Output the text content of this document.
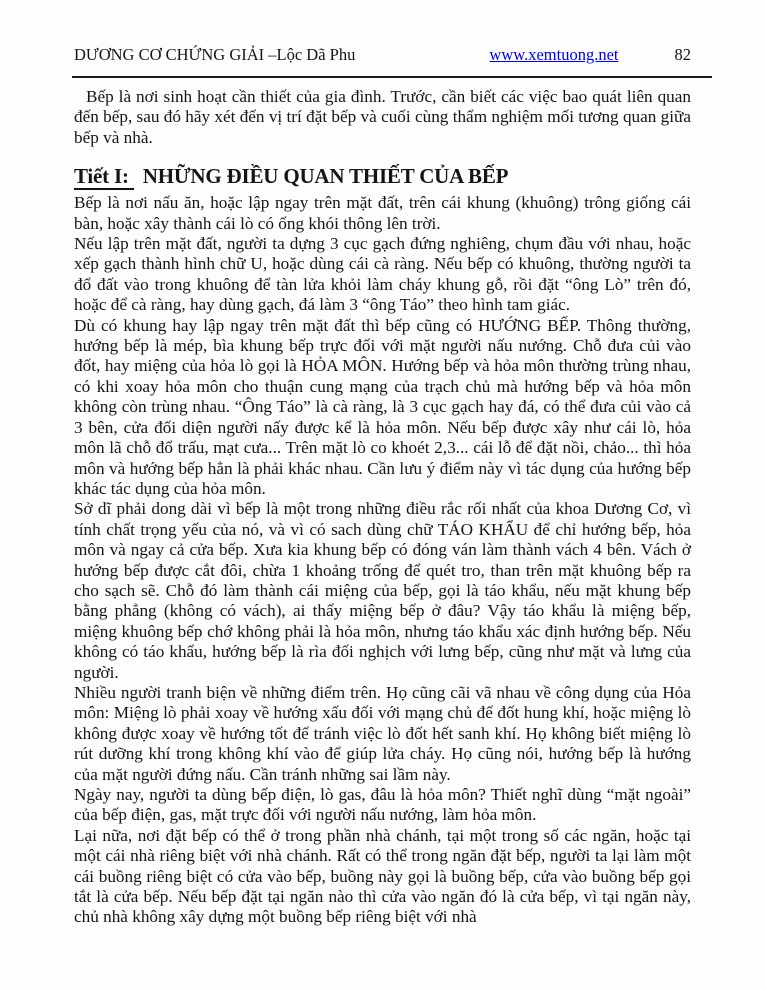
DƯƠNG CƠ CHỨNG GIẢI –Lộc Dã Phu	www.xemtuong.net	82

Bếp là nơi sinh hoạt cần thiết của gia đình. Trước, cần biết các việc bao quát liên quan đến bếp, sau đó hãy xét đến vị trí đặt bếp và cuối cùng thẩm nghiệm mối tương quan giữa bếp và nhà.

Tiết I: NHỮNG ĐIỀU QUAN THIẾT CỦA BẾP

Bếp là nơi nấu ăn, hoặc lập ngay trên mặt đất, trên cái khung (khuông) trông giống cái bàn, hoặc xây thành cái lò có ống khói thông lên trời.

Nếu lập trên mặt đất, người ta dựng 3 cục gạch đứng nghiêng, chụm đầu với nhau, hoặc xếp gạch thành hình chữ U, hoặc dùng cái cà ràng. Nếu bếp có khuông, thường người ta đổ đất vào trong khuông để tàn lửa khỏi làm cháy khung gỗ, rồi đặt “ông Lò” trên đó, hoặc để cà ràng, hay dùng gạch, đá làm 3 “ông Táo” theo hình tam giác.

Dù có khung hay lập ngay trên mặt đất thì bếp cũng có HƯỚNG BẾP. Thông thường, hướng bếp là mép, bìa khung bếp trực đối với mặt người nấu nướng. Chỗ đưa củi vào đốt, hay miệng của hỏa lò gọi là HỎA MÔN. Hướng bếp và hỏa môn thường trùng nhau, có khi xoay hỏa môn cho thuận cung mạng của trạch chủ mà hướng bếp và hỏa môn không còn trùng nhau. “Ông Táo” là cà ràng, là 3 cục gạch hay đá, có thể đưa củi vào cả 3 bên, cửa đối diện người nấy được kể là hỏa môn. Nếu bếp được xây như cái lò, hỏa môn lã chỗ đổ trấu, mạt cưa... Trên mặt lò co khoét 2,3... cái lỗ để đặt nồi, chảo... thì hỏa môn và hướng bếp hẳn là phải khác nhau. Cần lưu ý điểm này vì tác dụng của hướng bếp khác tác dụng của hỏa môn.

Sở dĩ phải dong dài vì bếp là một trong những điều rắc rối nhất của khoa Dương Cơ, vì tính chất trọng yếu của nó, và vì có sach dùng chữ TÁO KHẨU để chỉ hướng bếp, hỏa môn và ngay cả cửa bếp. Xưa kia khung bếp có đóng ván làm thành vách 4 bên. Vách ở hướng bếp được cắt đôi, chừa 1 khoảng trống để quét tro, than trên mặt khuông bếp ra cho sạch sẽ. Chỗ đó làm thành cái miệng của bếp, gọi là táo khẩu, nếu mặt khung bếp bằng phẳng (không có vách), ai thấy miệng bếp ở đâu? Vậy táo khẩu là miệng bếp, miệng khuông bếp chớ không phải là hỏa môn, nhưng táo khẩu xác định hướng bếp. Nếu không có táo khẩu, hướng bếp là rìa đối nghịch với lưng bếp, cũng như mặt và lưng của người.

Nhiều người tranh biện về những điểm trên. Họ cũng cãi vã nhau về công dụng của Hỏa môn: Miệng lò phải xoay về hướng xấu đối với mạng chủ để đốt hung khí, hoặc miệng lò không được xoay về hướng tốt để tránh việc lò đốt hết sanh khí. Họ không biết miệng lò rút dưỡng khí trong không khí vào để giúp lửa cháy. Họ cũng nói, hướng bếp là hướng của mặt người đứng nấu. Cần tránh những sai lầm này.

Ngày nay, người ta dùng bếp điện, lò gas, đâu là hỏa môn? Thiết nghĩ dùng “mặt ngoài” của bếp điện, gas, mặt trực đối với người nấu nướng, làm hỏa môn.

Lại nữa, nơi đặt bếp có thể ở trong phần nhà chánh, tại một trong số các ngăn, hoặc tại một cái nhà riêng biệt với nhà chánh. Rất có thể trong ngăn đặt bếp, người ta lại làm một cái buồng riêng biệt có cửa vào bếp, buồng này gọi là buồng bếp, cửa vào buồng bếp gọi tắt là cửa bếp. Nếu bếp đặt tại ngăn nào thì cửa vào ngăn đó là cửa bếp, vì tại ngăn này, chủ nhà không xây dựng một buồng bếp riêng biệt với nhà
